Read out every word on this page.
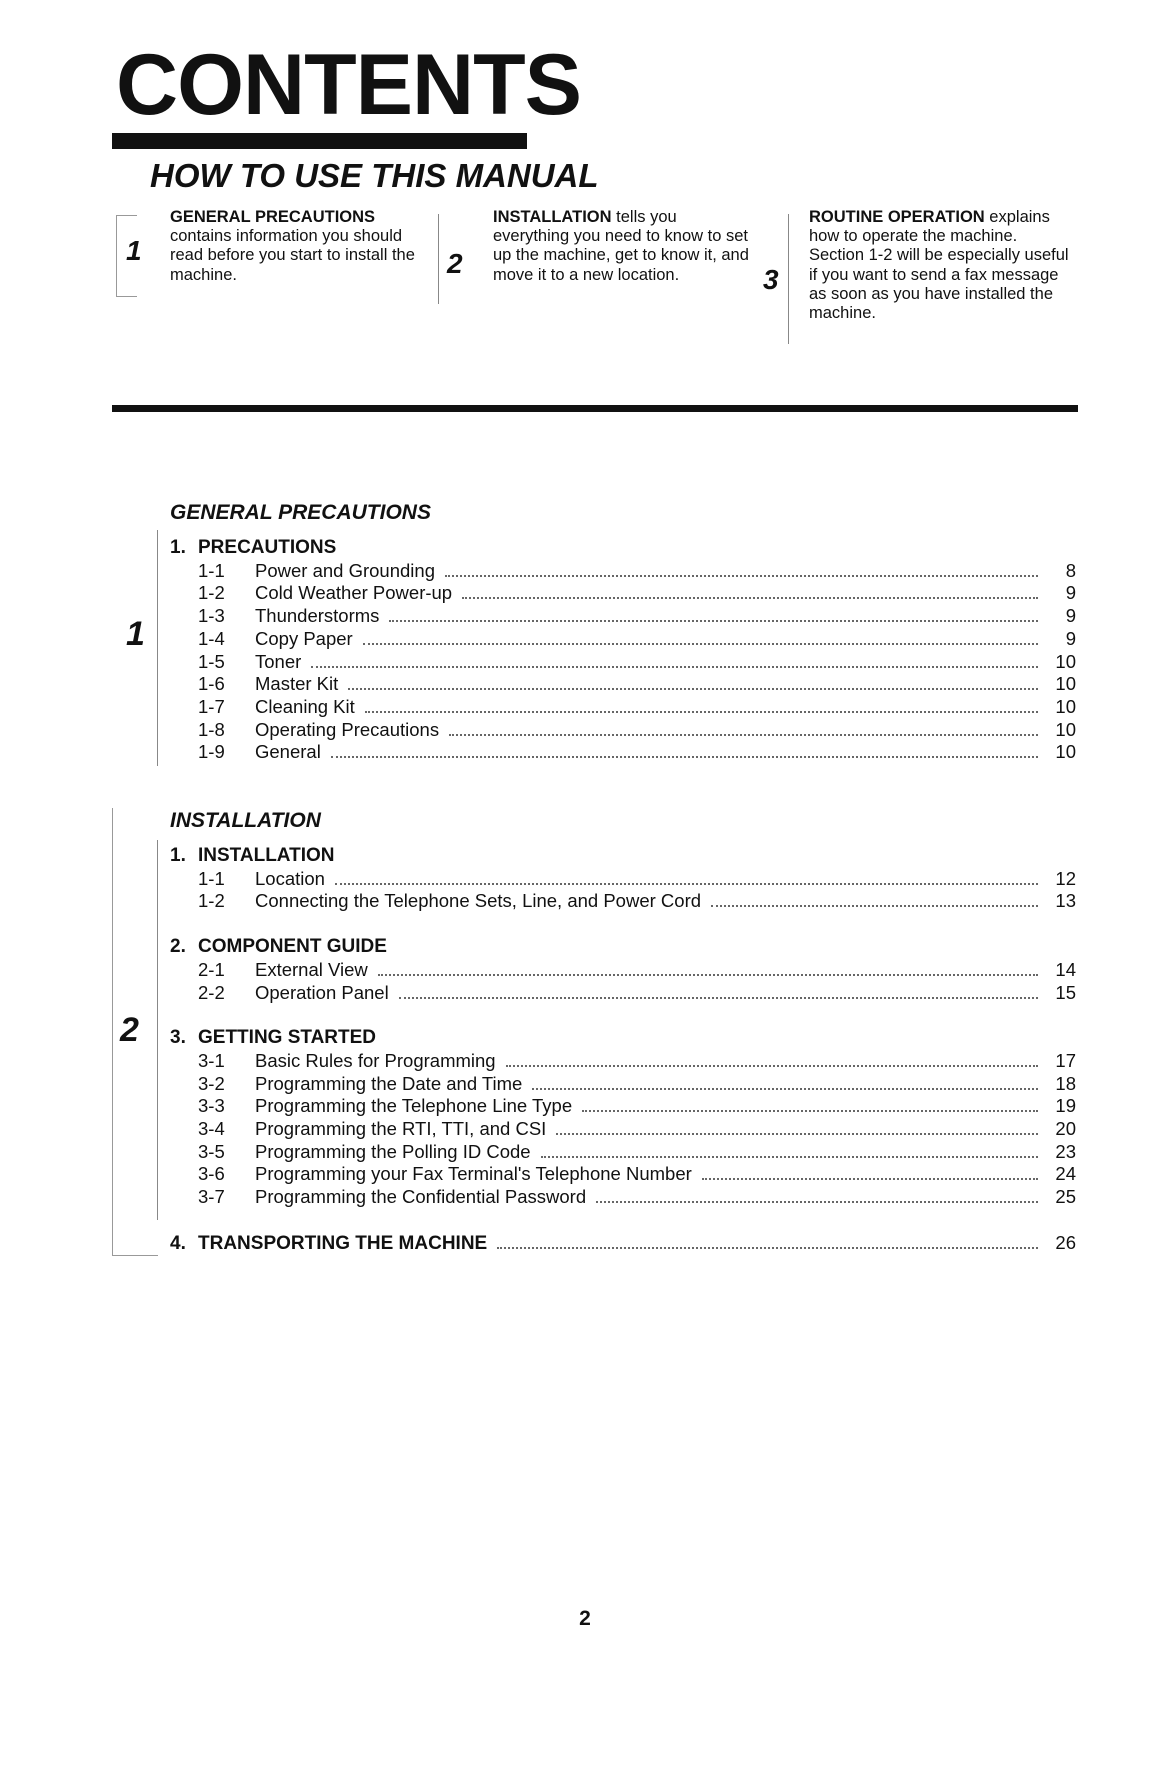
CONTENTS
HOW TO USE THIS MANUAL
1
GENERAL PRECAUTIONS contains information you should read before you start to install the machine.	2
INSTALLATION tells you everything you need to know to set up the machine, get to know it, and move it to a new location.	3
ROUTINE OPERATION explains how to operate the machine. Section 1-2 will be especially useful if you want to send a fax message as soon as you have installed the machine.
GENERAL PRECAUTIONS
1
1. PRECAUTIONS
1-1	Power and Grounding	8
1-2	Cold Weather Power-up	9
1-3	Thunderstorms	9
1-4	Copy Paper	9
1-5	Toner	10
1-6	Master Kit	10
1-7	Cleaning Kit	10
1-8	Operating Precautions	10
1-9	General	10
INSTALLATION
2
1. INSTALLATION
1-1	Location	12
1-2	Connecting the Telephone Sets, Line, and Power Cord	13
2. COMPONENT GUIDE
2-1	External View	14
2-2	Operation Panel	15
3. GETTING STARTED
3-1	Basic Rules for Programming	17
3-2	Programming the Date and Time	18
3-3	Programming the Telephone Line Type	19
3-4	Programming the RTI, TTI, and CSI	20
3-5	Programming the Polling ID Code	23
3-6	Programming your Fax Terminal's Telephone Number	24
3-7	Programming the Confidential Password	25
4. TRANSPORTING THE MACHINE	26
2
